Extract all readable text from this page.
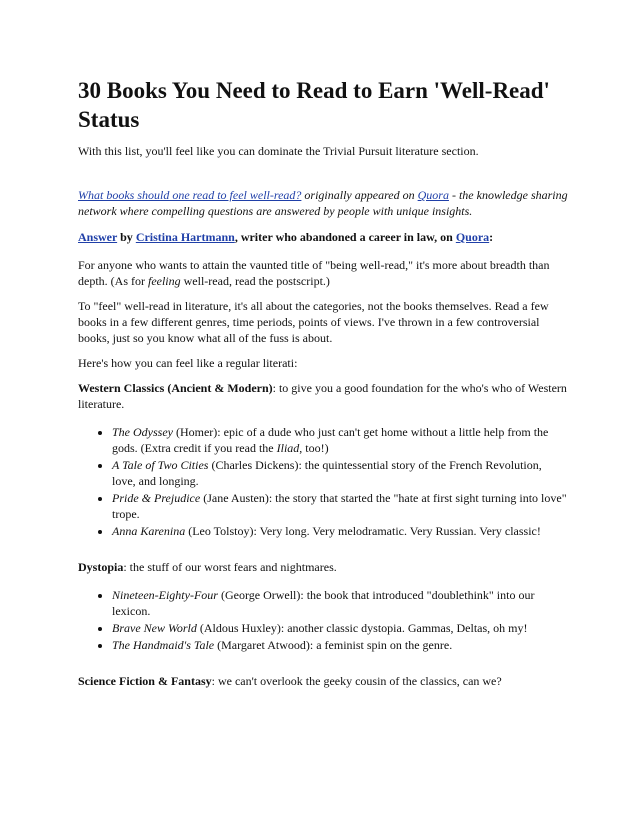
30 Books You Need to Read to Earn 'Well-Read' Status

With this list, you'll feel like you can dominate the Trivial Pursuit literature section.

What books should one read to feel well-read? originally appeared on Quora - the knowledge sharing network where compelling questions are answered by people with unique insights.

Answer by Cristina Hartmann, writer who abandoned a career in law, on Quora:

For anyone who wants to attain the vaunted title of "being well-read," it's more about breadth than depth. (As for feeling well-read, read the postscript.)

To "feel" well-read in literature, it's all about the categories, not the books themselves. Read a few books in a few different genres, time periods, points of views. I've thrown in a few controversial books, just so you know what all of the fuss is about.

Here's how you can feel like a regular literati:

Western Classics (Ancient & Modern): to give you a good foundation for the who's who of Western literature.

• The Odyssey (Homer): epic of a dude who just can't get home without a little help from the gods. (Extra credit if you read the Iliad, too!)
• A Tale of Two Cities (Charles Dickens): the quintessential story of the French Revolution, love, and longing.
• Pride & Prejudice (Jane Austen): the story that started the "hate at first sight turning into love" trope.
• Anna Karenina (Leo Tolstoy): Very long. Very melodramatic. Very Russian. Very classic!

Dystopia: the stuff of our worst fears and nightmares.

• Nineteen-Eighty-Four (George Orwell): the book that introduced "doublethink" into our lexicon.
• Brave New World (Aldous Huxley): another classic dystopia. Gammas, Deltas, oh my!
• The Handmaid's Tale (Margaret Atwood): a feminist spin on the genre.

Science Fiction & Fantasy: we can't overlook the geeky cousin of the classics, can we?
